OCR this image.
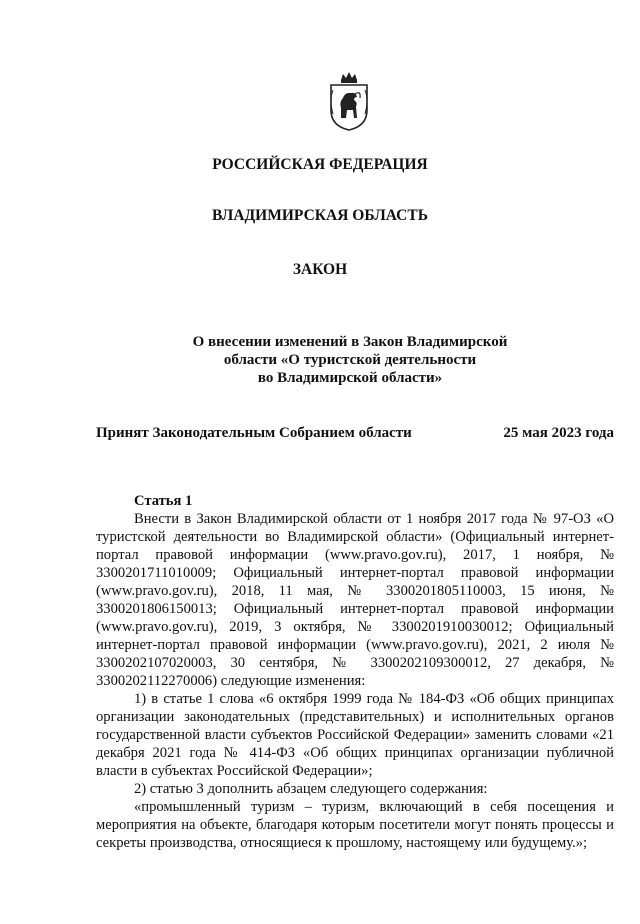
РОССИЙСКАЯ ФЕДЕРАЦИЯ
ВЛАДИМИРСКАЯ ОБЛАСТЬ
ЗАКОН
О внесении изменений в Закон Владимирской
области «О туристской деятельности
во Владимирской области»
Принят Законодательным Собранием области	25 мая 2023 года
Статья 1

Внести в Закон Владимирской области от 1 ноября 2017 года № 97-ОЗ «О туристской деятельности во Владимирской области» (Официальный интернет-портал правовой информации (www.pravo.gov.ru), 2017, 1 ноября, № 3300201711010009; Официальный интернет-портал правовой информации (www.pravo.gov.ru), 2018, 11 мая, № 3300201805110003, 15 июня, № 3300201806150013; Официальный интернет-портал правовой информации (www.pravo.gov.ru), 2019, 3 октября, № 3300201910030012; Официальный интернет-портал правовой информации (www.pravo.gov.ru), 2021, 2 июля № 3300202107020003, 30 сентября, № 3300202109300012, 27 декабря, № 3300202112270006) следующие изменения:

1) в статье 1 слова «6 октября 1999 года № 184-ФЗ «Об общих принципах организации законодательных (представительных) и исполнительных органов государственной власти субъектов Российской Федерации» заменить словами «21 декабря 2021 года № 414-ФЗ «Об общих принципах организации публичной власти в субъектах Российской Федерации»;

2) статью 3 дополнить абзацем следующего содержания:

«промышленный туризм – туризм, включающий в себя посещения и мероприятия на объекте, благодаря которым посетители могут понять процессы и секреты производства, относящиеся к прошлому, настоящему или будущему.»;
